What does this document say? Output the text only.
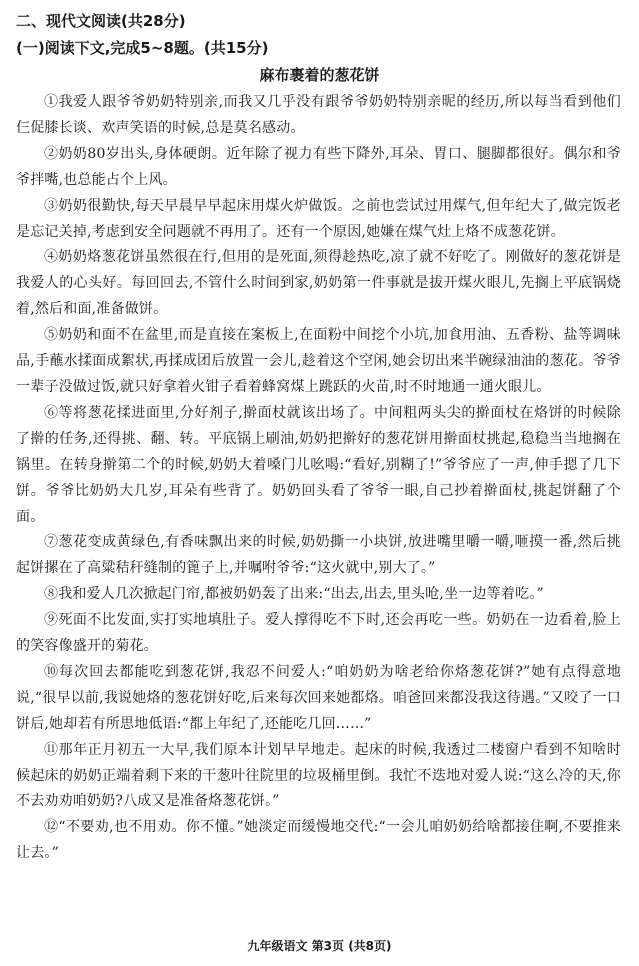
二、现代文阅读(共28分)
(一)阅读下文,完成5~8题。(共15分)
麻布裹着的葱花饼

①我爱人跟爷爷奶奶特别亲,而我又几乎没有跟爷爷奶奶特别亲昵的经历,所以每当看到他们仨促膝长谈、欢声笑语的时候,总是莫名感动。

②奶奶80岁出头,身体硬朗。近年除了视力有些下降外,耳朵、胃口、腿脚都很好。偶尔和爷爷拌嘴,也总能占个上风。

③奶奶很勤快,每天早晨早早起床用煤火炉做饭。之前也尝试过用煤气,但年纪大了,做完饭老是忘记关掉,考虑到安全问题就不再用了。还有一个原因,她嫌在煤气灶上烙不成葱花饼。

④奶奶烙葱花饼虽然很在行,但用的是死面,须得趁热吃,凉了就不好吃了。刚做好的葱花饼是我爱人的心头好。每回回去,不管什么时间到家,奶奶第一件事就是拔开煤火眼儿,先搁上平底锅烧着,然后和面,准备做饼。

⑤奶奶和面不在盆里,而是直接在案板上,在面粉中间挖个小坑,加食用油、五香粉、盐等调味品,手蘸水揉面成絮状,再揉成团后放置一会儿,趁着这个空闲,她会切出来半碗绿油油的葱花。爷爷一辈子没做过饭,就只好拿着火钳子看着蜂窝煤上跳跃的火苗,时不时地通一通火眼儿。

⑥等将葱花揉进面里,分好剂子,擀面杖就该出场了。中间粗两头尖的擀面杖在烙饼的时候除了擀的任务,还得挑、翻、转。平底锅上刷油,奶奶把擀好的葱花饼用擀面杖挑起,稳稳当当地搁在锅里。在转身擀第二个的时候,奶奶大着嗓门儿吆喝:“看好,别糊了!”爷爷应了一声,伸手摁了几下饼。爷爷比奶奶大几岁,耳朵有些背了。奶奶回头看了爷爷一眼,自己抄着擀面杖,挑起饼翻了个面。

⑦葱花变成黄绿色,有香味飘出来的时候,奶奶撕一小块饼,放进嘴里嚼一嚼,咂摸一番,然后挑起饼摞在了高粱秸秆缝制的篦子上,并嘱咐爷爷:“这火就中,别大了。”

⑧我和爱人几次掀起门帘,都被奶奶轰了出来:“出去,出去,里头呛,坐一边等着吃。”

⑨死面不比发面,实打实地填肚子。爱人撑得吃不下时,还会再吃一些。奶奶在一边看着,脸上的笑容像盛开的菊花。

⑩每次回去都能吃到葱花饼,我忍不问爱人:“咱奶奶为啥老给你烙葱花饼?”她有点得意地说,“很早以前,我说她烙的葱花饼好吃,后来每次回来她都烙。咱爸回来都没我这待遇。”又咬了一口饼后,她却若有所思地低语:“都上年纪了,还能吃几回……”

⑪那年正月初五一大早,我们原本计划早早地走。起床的时候,我透过二楼窗户看到不知啥时候起床的奶奶正端着剩下来的干葱叶往院里的垃圾桶里倒。我忙不迭地对爱人说:“这么冷的天,你不去劝劝咱奶奶?八成又是准备烙葱花饼。”

⑫“不要劝,也不用劝。你不懂。”她淡定而缓慢地交代:“一会儿咱奶奶给啥都接住啊,不要推来让去。”

九年级语文 第3页 (共8页)
